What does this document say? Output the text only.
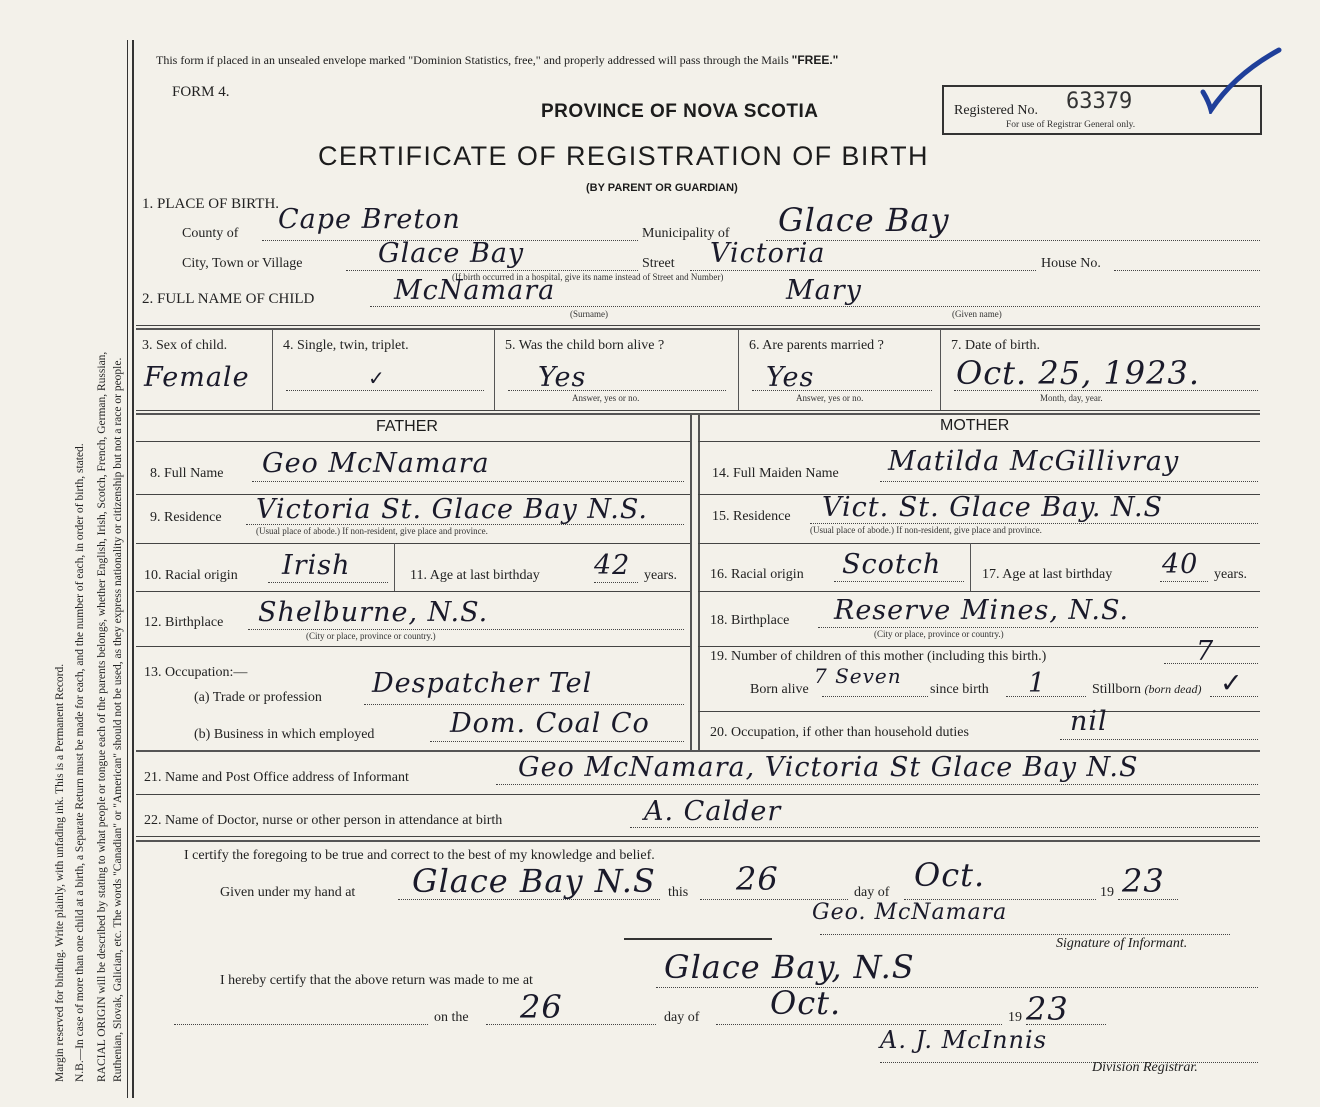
Margin reserved for binding. Write plainly, with unfading ink. This is a Permanent Record. N.B.—In case of more than one child at a birth, a Separate Return must be made for each, and the number of each, in order of birth, stated. RACIAL ORIGIN will be described by stating to what people or tongue each of the parents belongs, whether English, Irish, Scotch, French, German, Russian, Ruthenian, Slovak, Galician, etc. The words "Canadian" or "American" should not be used, as they express nationality or citizenship but not a race or people.
This form if placed in an unsealed envelope marked "Dominion Statistics, free," and properly addressed will pass through the Mails "FREE."
FORM 4.
PROVINCE OF NOVA SCOTIA
CERTIFICATE OF REGISTRATION OF BIRTH
(BY PARENT OR GUARDIAN)
Registered No. 63379
For use of Registrar General only.
1. PLACE OF BIRTH.
County of Cape Breton	Municipality of Glace Bay
City, Town or Village	Glace Bay	Street Victoria	House No.
(If birth occurred in a hospital, give its name instead of Street and Number)
2. FULL NAME OF CHILD	McNamara	Mary
(Surname)	(Given name)
3. Sex of child.
Female
4. Single, twin, triplet.
✓
5. Was the child born alive ?
Yes
Answer, yes or no.
6. Are parents married ?
Yes
Answer, yes or no.
7. Date of birth.
Oct. 25, 1923.
Month, day, year.
FATHER	MOTHER
8. Full Name Geo McNamara	14. Full Maiden Name Matilda McGillivray
9. Residence Victoria St. Glace Bay N.S.
(Usual place of abode.) If non-resident, give place and province.
15. Residence Vict. St. Glace Bay. N.S
(Usual place of abode.) If non-resident, give place and province.
10. Racial origin Irish	11. Age at last birthday 42 years. 16. Racial origin Scotch	17. Age at last birthday 40 years.
12. Birthplace Shelburne, N.S.
(City or place, province or country.)
18. Birthplace Reserve Mines, N.S.
(City or place, province or country.)
13. Occupation:—
(a) Trade or profession Despatcher Tel
(b) Business in which employed	Dom. Coal Co
19. Number of children of this mother (including this birth.)	7
Born alive
7 Seven
since birth 1	Stillborn (born dead) ✓
20. Occupation, if other than household duties	nil
21. Name and Post Office address of Informant	Geo McNamara, Victoria St Glace Bay N.S
22. Name of Doctor, nurse or other person in attendance at birth	A. Calder
I certify the foregoing to be true and correct to the best of my knowledge and belief.
Given under my hand at Glace Bay N.S this 26	day of Oct.	19 23
Geo. McNamara
Signature of Informant.
I hereby certify that the above return was made to me at	Glace Bay, N.S
on the 26	day of Oct.	19 23
A. J. McInnis
Division Registrar.
